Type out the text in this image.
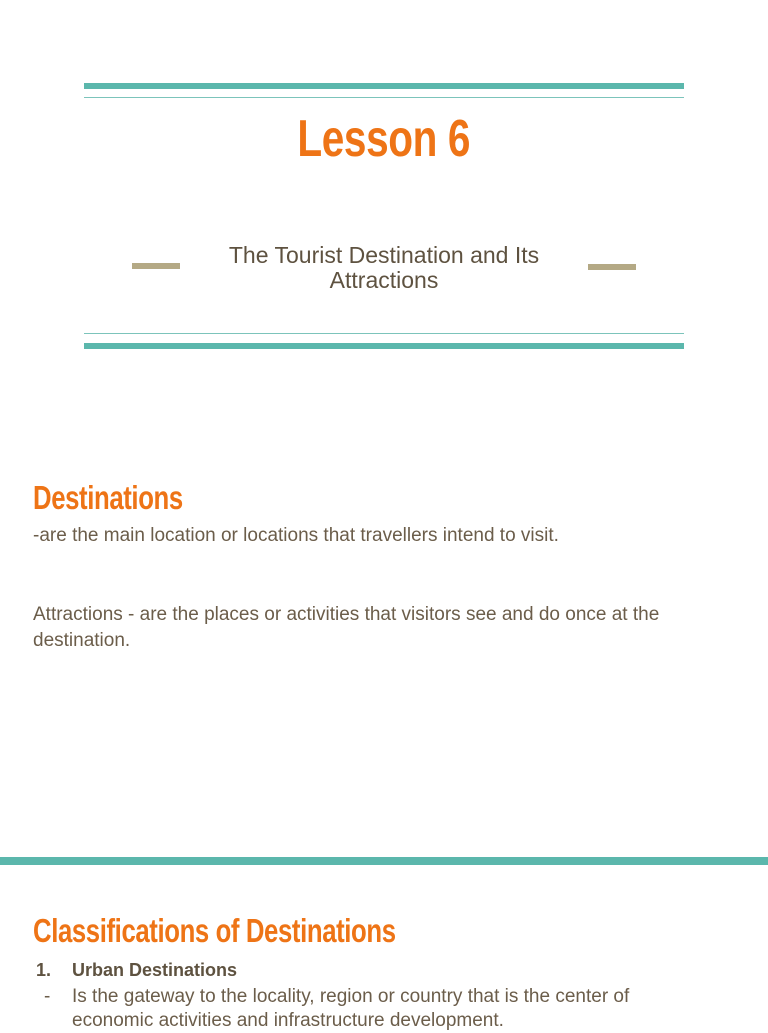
Lesson 6
The Tourist Destination and Its Attractions
Destinations
-are the main location or locations that travellers intend to visit.
Attractions - are the places or activities that visitors see and do once at the destination.
Classifications of Destinations
1. Urban Destinations
- Is the gateway to the locality, region or country that is the center of economic activities and infrastructure development.
